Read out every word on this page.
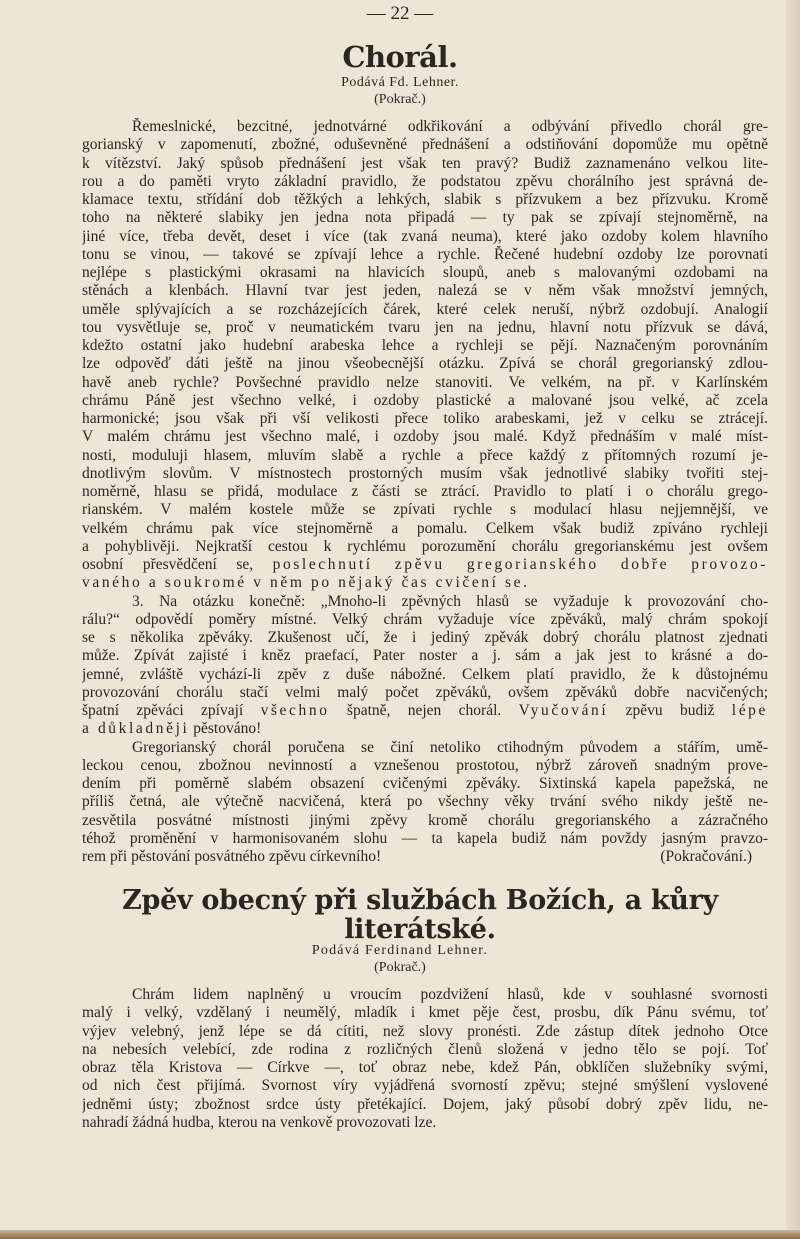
— 22 —
Chorál.
Podává Fd. Lehner.
(Pokrač.)
Řemeslnické, bezcitné, jednotvárné odkřikování a odbývání přivedlo chorál gre-
gorianský v zapomenutí, zbožné, oduševněné přednášení a odstiňování dopomůže mu opětně
k vítězství. Jaký spůsob přednášení jest však ten pravý? Budiž zaznamenáno velkou lite-
rou a do paměti vryto základní pravidlo, že podstatou zpěvu chorálního jest správná de-
klamace textu, střídání dob těžkých a lehkých, slabik s přízvukem a bez přízvuku. Kromě
toho na některé slabiky jen jedna nota připadá — ty pak se zpívají stejnoměrně, na
jiné více, třeba devět, deset i více (tak zvaná neuma), které jako ozdoby kolem hlavního
tonu se vinou, — takové se zpívají lehce a rychle. Řečené hudební ozdoby lze porovnati
nejlépe s plastickými okrasami na hlavicích sloupů, aneb s malovanými ozdobami na
stěnách a klenbách. Hlavní tvar jest jeden, nalezá se v něm však množství jemných,
uměle splývajících a se rozcházejících čárek, které celek neruší, nýbrž ozdobují. Analogií
tou vysvětluje se, proč v neumatickém tvaru jen na jednu, hlavní notu přízvuk se dává,
kdežto ostatní jako hudební arabeska lehce a rychleji se pějí. Naznačeným porovnáním
lze odpověď dáti ještě na jinou všeobecnější otázku. Zpívá se chorál gregorianský zdlou-
havě aneb rychle? Povšechné pravidlo nelze stanoviti. Ve velkém, na př. v Karlínském
chrámu Páně jest všechno velké, i ozdoby plastické a malované jsou velké, ač zcela
harmonické; jsou však při vší velikosti přece toliko arabeskami, jež v celku se ztrácejí.
V malém chrámu jest všechno malé, i ozdoby jsou malé. Když přednáším v malé míst-
nosti, moduluji hlasem, mluvím slabě a rychle a přece každý z přítomných rozumí je-
dnotlivým slovům. V místnostech prostorných musím však jednotlivé slabiky tvořiti stej-
noměrně, hlasu se přidá, modulace z části se ztrácí. Pravidlo to platí i o chorálu grego-
rianském. V malém kostele může se zpívati rychle s modulací hlasu nejjemnější, ve
velkém chrámu pak více stejnoměrně a pomalu. Celkem však budiž zpíváno rychleji
a pohyblivěji. Nejkratší cestou k rychlému porozumění chorálu gregorianskému jest ovšem
osobní přesvědčení se, poslechnutí zpěvu gregorianského dobře provozo-
vaného a soukromé v něm po nějaký čas cvičení se.
3. Na otázku konečně: „Mnoho-li zpěvných hlasů se vyžaduje k provozování cho-
rálu?“ odpovědí poměry místné. Velký chrám vyžaduje více zpěváků, malý chrám spokojí
se s několika zpěváky. Zkušenost učí, že i jediný zpěvák dobrý chorálu platnost zjednati
může. Zpívát zajisté i kněz praefací, Pater noster a j. sám a jak jest to krásné a do-
jemné, zvláště vychází-li zpěv z duše nábožné. Celkem platí pravidlo, že k důstojnému
provozování chorálu stačí velmi malý počet zpěváků, ovšem zpěváků dobře nacvičených;
špatní zpěváci zpívají všechno špatně, nejen chorál. Vyučování zpěvu budiž lépe
a důkladněji pěstováno!
Gregorianský chorál poručena se činí netoliko ctihodným původem a stářím, umě-
leckou cenou, zbožnou nevinností a vznešenou prostotou, nýbrž zároveň snadným prove-
dením při poměrně slabém obsazení cvičenými zpěváky. Sixtinská kapela papežská, ne
příliš četná, ale výtečně nacvičená, která po všechny věky trvání svého nikdy ještě ne-
zesvětila posvátné místnosti jinými zpěvy kromě chorálu gregorianského a zázračného
téhož proměnění v harmonisovaném slohu — ta kapela budiž nám povždy jasným pravzo-
rem při pěstování posvátného zpěvu církevního!	(Pokračování.)
Zpěv obecný při službách Božích, a kůry
literátské.
Podává Ferdinand Lehner.
(Pokrač.)
Chrám lidem naplněný u vroucím pozdvižení hlasů, kde v souhlasné svornosti
malý i velký, vzdělaný i neumělý, mladík i kmet pěje čest, prosbu, dík Pánu svému, toť
výjev velebný, jenž lépe se dá cítiti, než slovy pronésti. Zde zástup dítek jednoho Otce
na nebesích velebící, zde rodina z rozličných členů složená v jedno tělo se pojí. Toť
obraz těla Kristova — Církve —, toť obraz nebe, kdež Pán, obklíčen služebníky svými,
od nich čest přijímá. Svornost víry vyjádřená svorností zpěvu; stejné smýšlení vyslovené
jedněmi ústy; zbožnost srdce ústy přetékající. Dojem, jaký působí dobrý zpěv lidu, ne-
nahradí žádná hudba, kterou na venkově provozovati lze.
